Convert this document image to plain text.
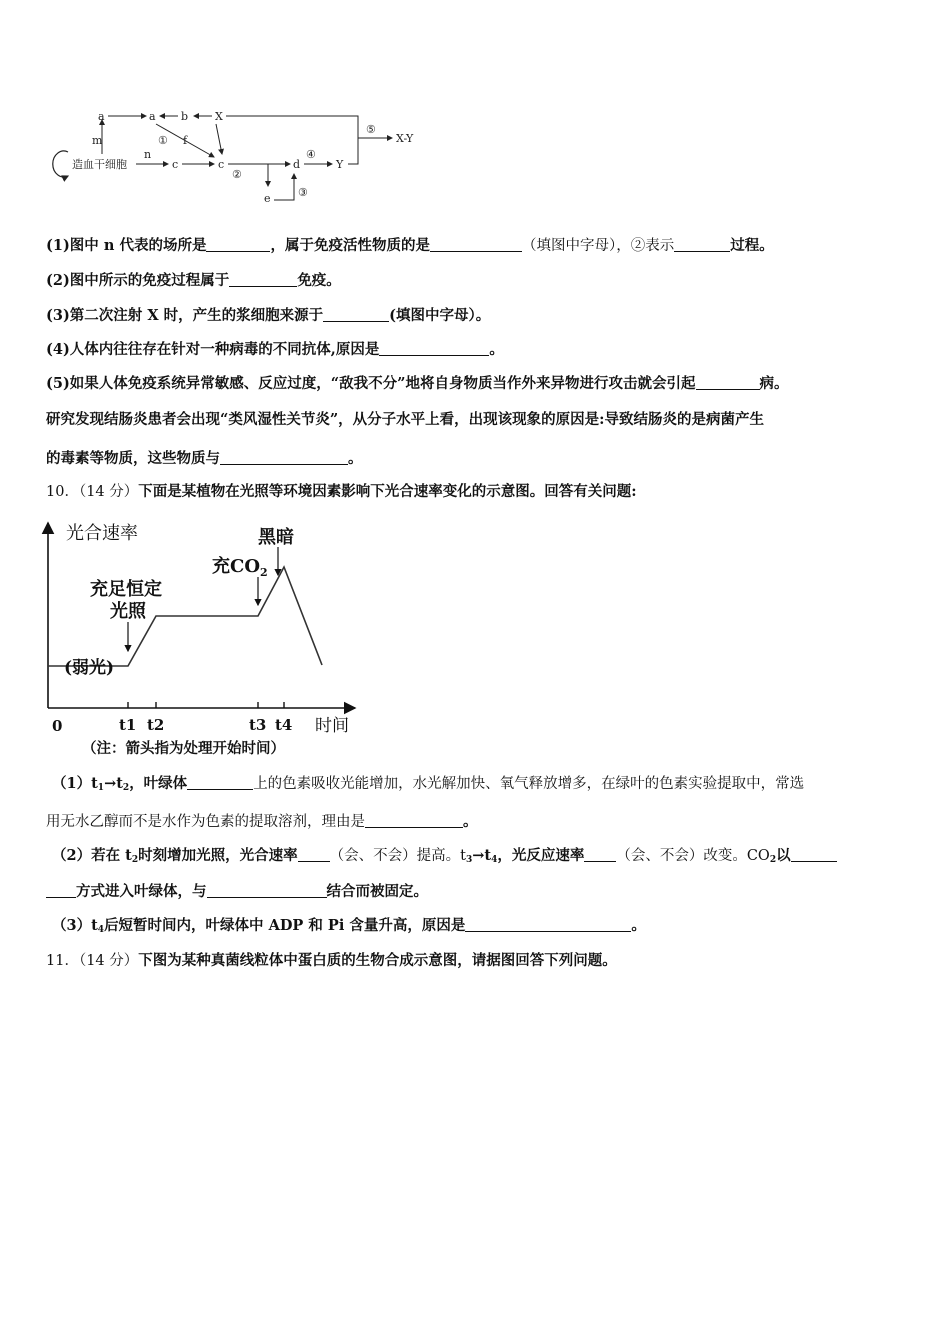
造血干细胞
m
a	a b X
① f
n
c	c
②
e
d
④
Y
③
⑤
X-Y
(1)图中 n 代表的场所是	，属于免疫活性物质的是	（填图中字母），②表示	过程。
(2)图中所示的免疫过程属于	免疫。
(3)第二次注射 X 时，产生的浆细胞来源于	(填图中字母）。
(4)人体内往往存在针对一种病毒的不同抗体,原因是	。
(5)如果人体免疫系统异常敏感、反应过度，“敌我不分”地将自身物质当作外来异物进行攻击就会引起	病。
研究发现结肠炎患者会出现“类风湿性关节炎”，从分子水平上看，出现该现象的原因是:导致结肠炎的是病菌产生
的毒素等物质，这些物质与	。
10．（14 分）下面是某植物在光照等环境因素影响下光合速率变化的示意图。回答有关问题:
光合速率
时间
0	t1 t2	t3 t4
(弱光)
充足恒定
光照
充$CO_2$
黑暗
（注：箭头指为处理开始时间）
$(1)t_1\to t_2$，叶绿体	上的色素吸收光能增加，水光解加快、氧气释放增多，在绿叶的色素实验提取中，常选
用无水乙醇而不是水作为色素的提取溶剂，理由是	。
（2）若在 $t_2$时刻增加光照，光合速率 （会、不会）提高。$t_3\to t_4$，光反应速率 （会、不会）改变。$CO_2$以
方式进入叶绿体，与	结合而被固定。
$(3)t_4$后短暂时间内，叶绿体中 ADP 和 Pi 含量升高，原因是	。
11．（14 分）下图为某种真菌线粒体中蛋白质的生物合成示意图，请据图回答下列问题。
